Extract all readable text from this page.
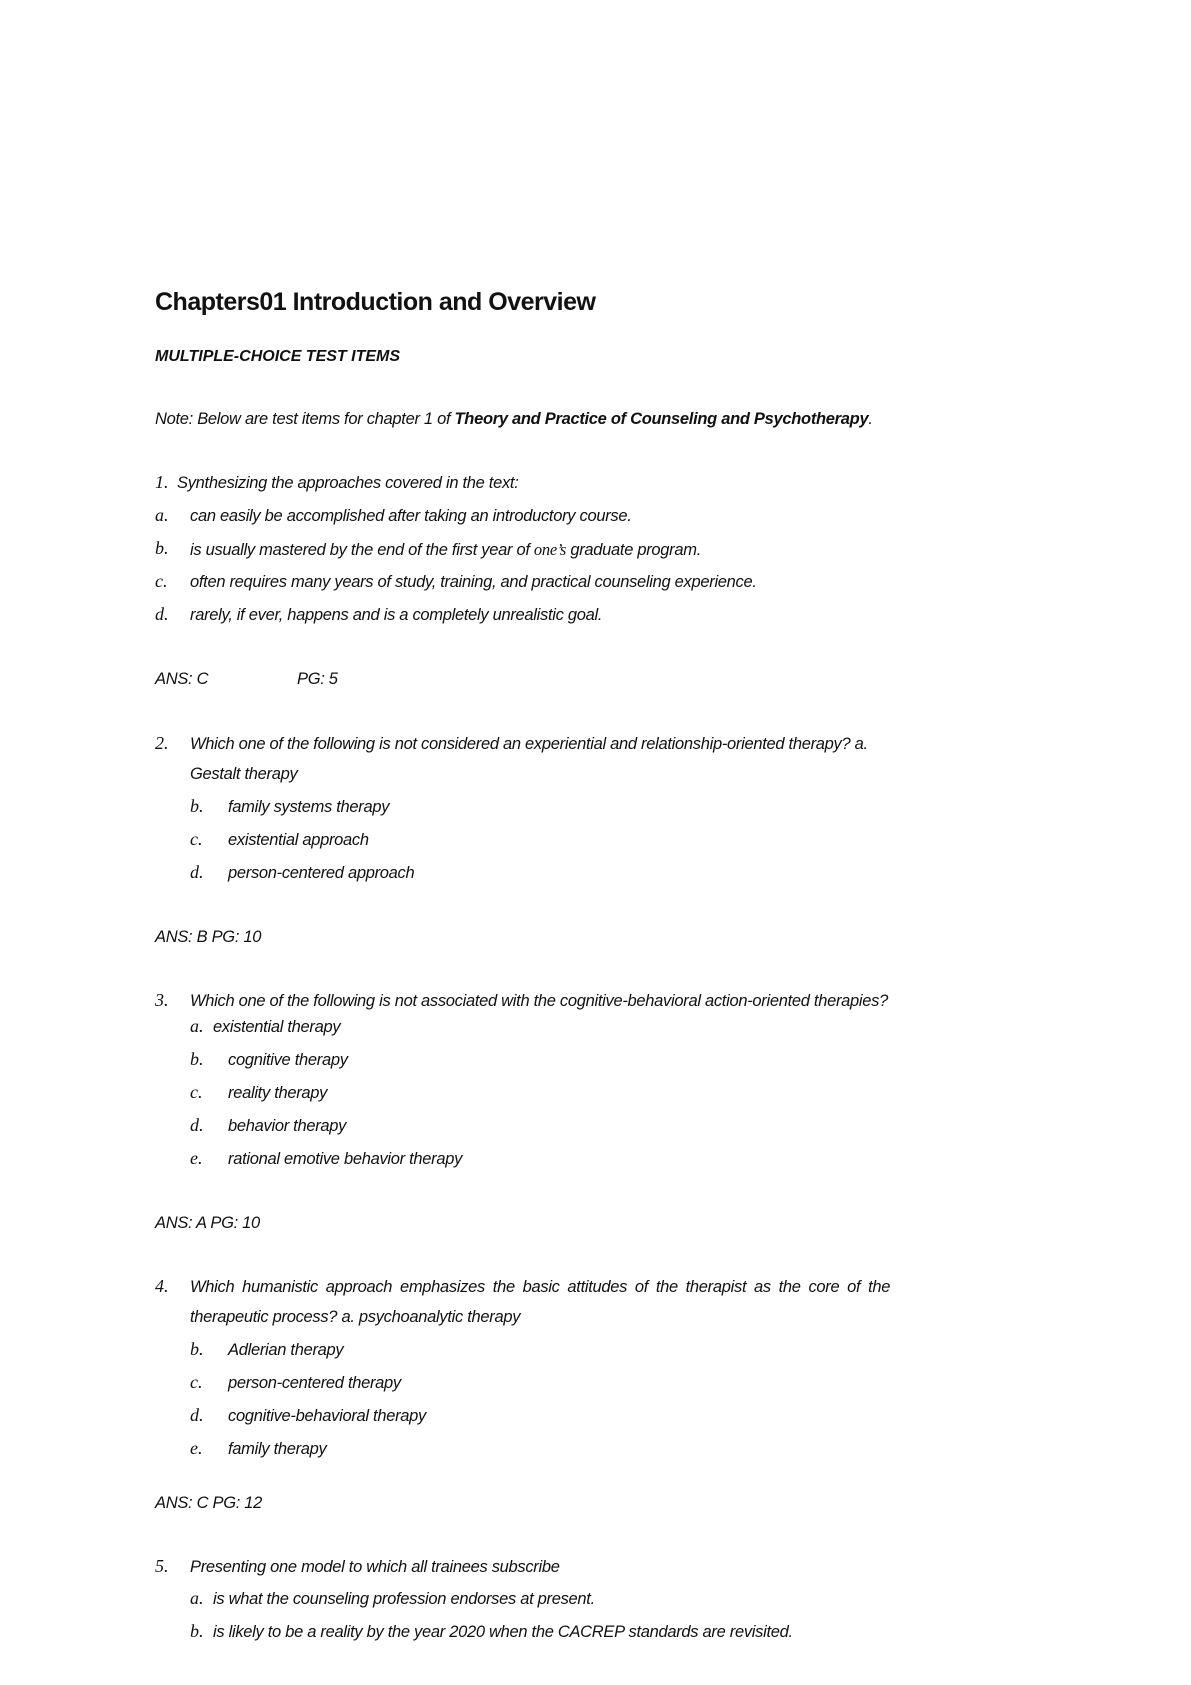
Chapters01 Introduction and Overview

MULTIPLE-CHOICE TEST ITEMS

Note: Below are test items for chapter 1 of Theory and Practice of Counseling and Psychotherapy.

1. Synthesizing the approaches covered in the text:
a. can easily be accomplished after taking an introductory course.
b. is usually mastered by the end of the first year of one’s graduate program.
c. often requires many years of study, training, and practical counseling experience.
d. rarely, if ever, happens and is a completely unrealistic goal.
ANS: C	PG: 5
2. Which one of the following is not considered an experiential and relationship-oriented therapy? a.
Gestalt therapy
b. family systems therapy
c. existential approach
d. person-centered approach
ANS: B PG: 10
3. Which one of the following is not associated with the cognitive-behavioral action-oriented therapies?
a. existential therapy
b. cognitive therapy
c. reality therapy
d. behavior therapy
e. rational emotive behavior therapy
ANS: A PG: 10
4. Which humanistic approach emphasizes the basic attitudes of the therapist as the core of the
therapeutic process? a. psychoanalytic therapy
b. Adlerian therapy
c. person-centered therapy
d. cognitive-behavioral therapy
e. family therapy
ANS: C PG: 12
5. Presenting one model to which all trainees subscribe
a. is what the counseling profession endorses at present.
b. is likely to be a reality by the year 2020 when the CACREP standards are revisited.
